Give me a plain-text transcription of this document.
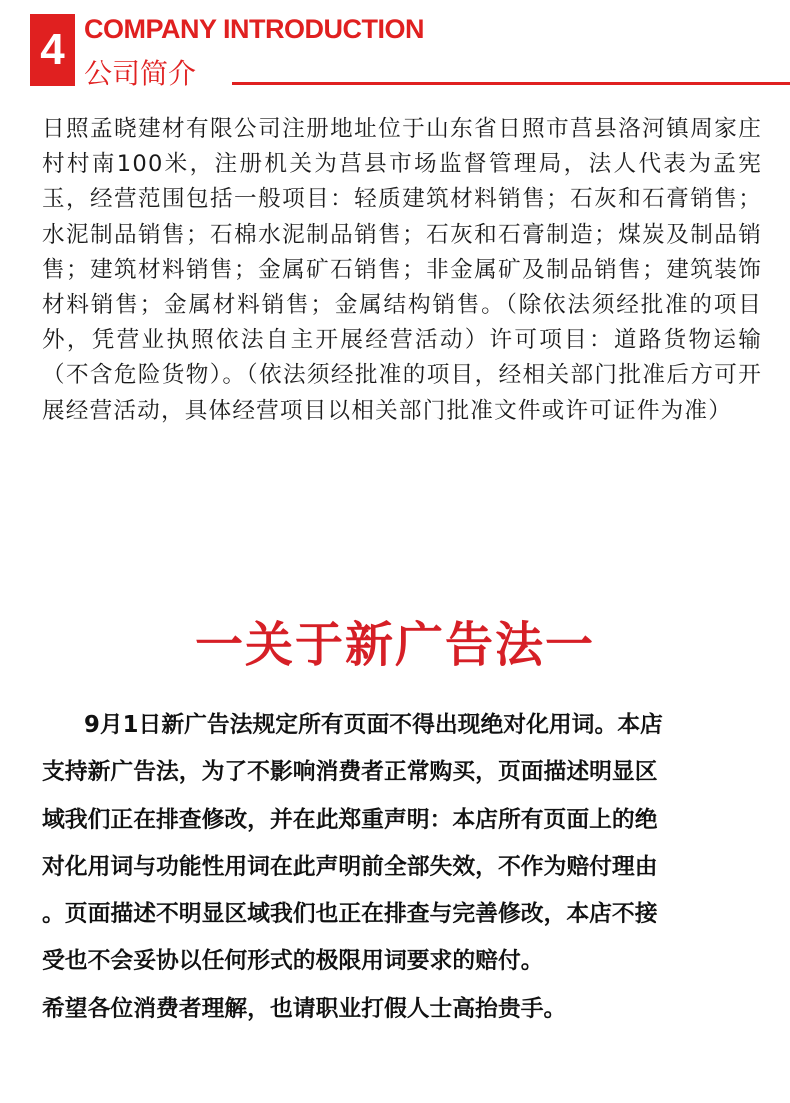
4 COMPANY INTRODUCTION
公司简介

日照孟晓建材有限公司注册地址位于山东省日照市莒县洛河镇周家庄村村南100米，注册机关为莒县市场监督管理局，法人代表为孟宪玉，经营范围包括一般项目：轻质建筑材料销售；石灰和石膏销售；水泥制品销售；石棉水泥制品销售；石灰和石膏制造；煤炭及制品销售；建筑材料销售；金属矿石销售；非金属矿及制品销售；建筑装饰材料销售；金属材料销售；金属结构销售。（除依法须经批准的项目外，凭营业执照依法自主开展经营活动）许可项目：道路货物运输（不含危险货物）。（依法须经批准的项目，经相关部门批准后方可开展经营活动，具体经营项目以相关部门批准文件或许可证件为准）

一关于新广告法一

9月1日新广告法规定所有页面不得出现绝对化用词。本店
支持新广告法，为了不影响消费者正常购买，页面描述明显区
域我们正在排查修改，并在此郑重声明：本店所有页面上的绝
对化用词与功能性用词在此声明前全部失效，不作为赔付理由
。页面描述不明显区域我们也正在排查与完善修改，本店不接
受也不会妥协以任何形式的极限用词要求的赔付。
希望各位消费者理解，也请职业打假人士高抬贵手。
